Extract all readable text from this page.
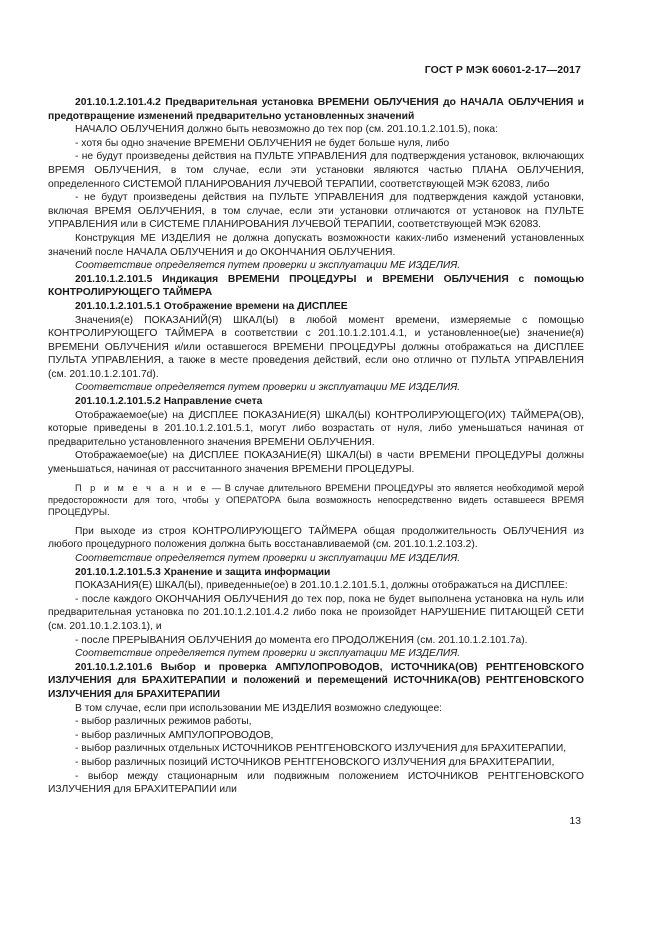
ГОСТ Р МЭК 60601-2-17—2017

201.10.1.2.101.4.2 Предварительная установка ВРЕМЕНИ ОБЛУЧЕНИЯ до НАЧАЛА ОБЛУЧЕНИЯ и предотвращение изменений предварительно установленных значений

НАЧАЛО ОБЛУЧЕНИЯ должно быть невозможно до тех пор (см. 201.10.1.2.101.5), пока:

- хотя бы одно значение ВРЕМЕНИ ОБЛУЧЕНИЯ не будет больше нуля, либо

- не будут произведены действия на ПУЛЬТЕ УПРАВЛЕНИЯ для подтверждения установок, включающих ВРЕМЯ ОБЛУЧЕНИЯ, в том случае, если эти установки являются частью ПЛАНА ОБЛУЧЕНИЯ, определенного СИСТЕМОЙ ПЛАНИРОВАНИЯ ЛУЧЕВОЙ ТЕРАПИИ, соответствующей МЭК 62083, либо

- не будут произведены действия на ПУЛЬТЕ УПРАВЛЕНИЯ для подтверждения каждой установки, включая ВРЕМЯ ОБЛУЧЕНИЯ, в том случае, если эти установки отличаются от установок на ПУЛЬТЕ УПРАВЛЕНИЯ или в СИСТЕМЕ ПЛАНИРОВАНИЯ ЛУЧЕВОЙ ТЕРАПИИ, соответствующей МЭК 62083.

Конструкция МЕ ИЗДЕЛИЯ не должна допускать возможности каких-либо изменений установленных значений после НАЧАЛА ОБЛУЧЕНИЯ и до ОКОНЧАНИЯ ОБЛУЧЕНИЯ.

Соответствие определяется путем проверки и эксплуатации МЕ ИЗДЕЛИЯ.

201.10.1.2.101.5 Индикация ВРЕМЕНИ ПРОЦЕДУРЫ и ВРЕМЕНИ ОБЛУЧЕНИЯ с помощью КОНТРОЛИРУЮЩЕГО ТАЙМЕРА

201.10.1.2.101.5.1 Отображение времени на ДИСПЛЕЕ

Значения(е) ПОКАЗАНИЙ(Я) ШКАЛ(Ы) в любой момент времени, измеряемые с помощью КОНТРОЛИРУЮЩЕГО ТАЙМЕРА в соответствии с 201.10.1.2.101.4.1, и установленное(ые) значение(я) ВРЕМЕНИ ОБЛУЧЕНИЯ и/или оставшегося ВРЕМЕНИ ПРОЦЕДУРЫ должны отображаться на ДИСПЛЕЕ ПУЛЬТА УПРАВЛЕНИЯ, а также в месте проведения действий, если оно отлично от ПУЛЬТА УПРАВЛЕНИЯ (см. 201.10.1.2.101.7d).

Соответствие определяется путем проверки и эксплуатации МЕ ИЗДЕЛИЯ.

201.10.1.2.101.5.2 Направление счета

Отображаемое(ые) на ДИСПЛЕЕ ПОКАЗАНИЕ(Я) ШКАЛ(Ы) КОНТРОЛИРУЮЩЕГО(ИХ) ТАЙМЕРА(ОВ), которые приведены в 201.10.1.2.101.5.1, могут либо возрастать от нуля, либо уменьшаться начиная от предварительно установленного значения ВРЕМЕНИ ОБЛУЧЕНИЯ.

Отображаемое(ые) на ДИСПЛЕЕ ПОКАЗАНИЕ(Я) ШКАЛ(Ы) в части ВРЕМЕНИ ПРОЦЕДУРЫ должны уменьшаться, начиная от рассчитанного значения ВРЕМЕНИ ПРОЦЕДУРЫ.

П р и м е ч а н и е — В случае длительного ВРЕМЕНИ ПРОЦЕДУРЫ это является необходимой мерой предосторожности для того, чтобы у ОПЕРАТОРА была возможность непосредственно видеть оставшееся ВРЕМЯ ПРОЦЕДУРЫ.

При выходе из строя КОНТРОЛИРУЮЩЕГО ТАЙМЕРА общая продолжительность ОБЛУЧЕНИЯ из любого процедурного положения должна быть восстанавливаемой (см. 201.10.1.2.103.2).

Соответствие определяется путем проверки и эксплуатации МЕ ИЗДЕЛИЯ.

201.10.1.2.101.5.3 Хранение и защита информации

ПОКАЗАНИЯ(Е) ШКАЛ(Ы), приведенные(ое) в 201.10.1.2.101.5.1, должны отображаться на ДИСПЛЕЕ:

- после каждого ОКОНЧАНИЯ ОБЛУЧЕНИЯ до тех пор, пока не будет выполнена установка на нуль или предварительная установка по 201.10.1.2.101.4.2 либо пока не произойдет НАРУШЕНИЕ ПИТАЮЩЕЙ СЕТИ (см. 201.10.1.2.103.1), и

- после ПРЕРЫВАНИЯ ОБЛУЧЕНИЯ до момента его ПРОДОЛЖЕНИЯ (см. 201.10.1.2.101.7a).

Соответствие определяется путем проверки и эксплуатации МЕ ИЗДЕЛИЯ.

201.10.1.2.101.6 Выбор и проверка АМПУЛОПРОВОДОВ, ИСТОЧНИКА(ОВ) РЕНТГЕНОВСКОГО ИЗЛУЧЕНИЯ для БРАХИТЕРАПИИ и положений и перемещений ИСТОЧНИКА(ОВ) РЕНТГЕНОВСКОГО ИЗЛУЧЕНИЯ для БРАХИТЕРАПИИ

В том случае, если при использовании МЕ ИЗДЕЛИЯ возможно следующее:

- выбор различных режимов работы,

- выбор различных АМПУЛОПРОВОДОВ,

- выбор различных отдельных ИСТОЧНИКОВ РЕНТГЕНОВСКОГО ИЗЛУЧЕНИЯ для БРАХИТЕРАПИИ,

- выбор различных позиций ИСТОЧНИКОВ РЕНТГЕНОВСКОГО ИЗЛУЧЕНИЯ для БРАХИТЕРАПИИ,

- выбор между стационарным или подвижным положением ИСТОЧНИКОВ РЕНТГЕНОВСКОГО ИЗЛУЧЕНИЯ для БРАХИТЕРАПИИ или

13
